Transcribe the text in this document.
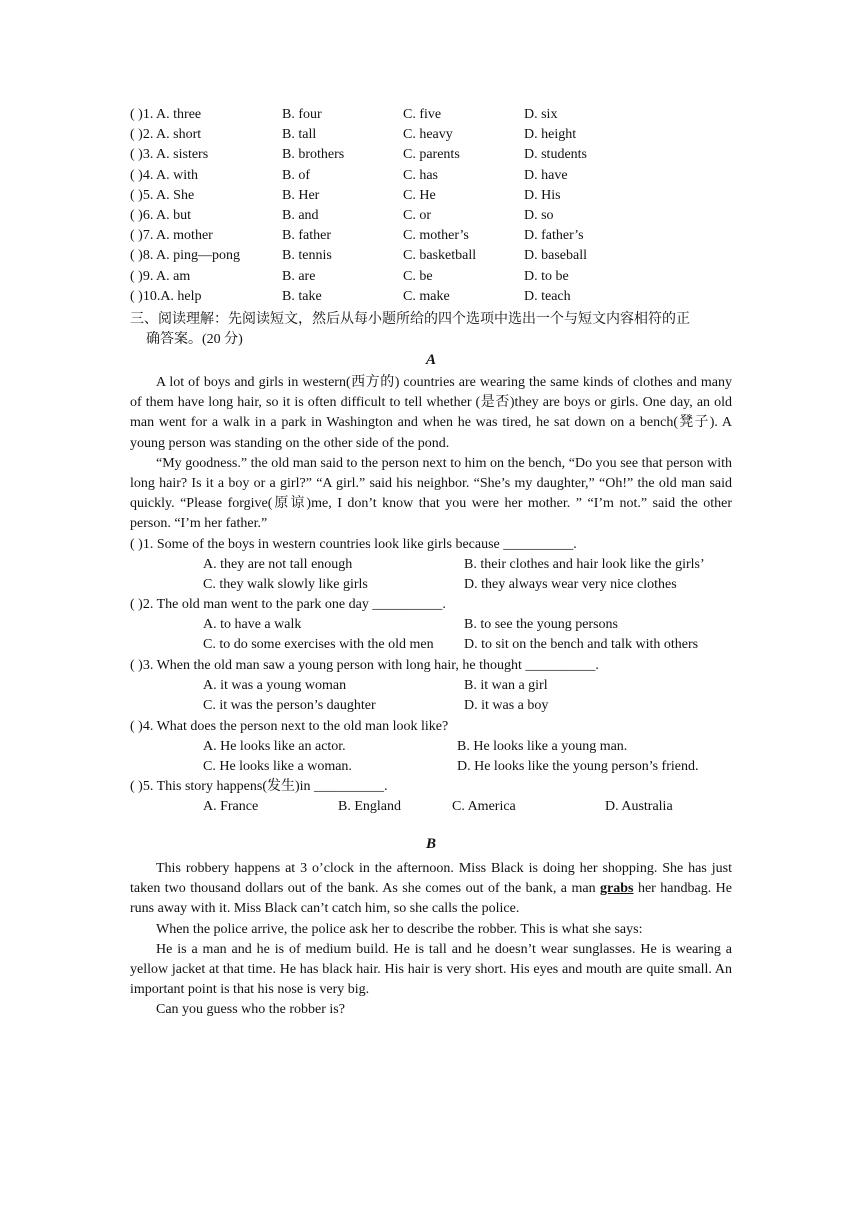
( )1. A. three	B. four	C. five	D. six
( )2. A. short	B. tall	C. heavy	D. height
( )3. A. sisters	B. brothers	C. parents	D. students
( )4. A. with	B. of	C. has	D. have
( )5. A. She	B. Her	C. He	D. His
( )6. A. but	B. and	C. or	D. so
( )7. A. mother	B. father	C. mother’s	D. father’s
( )8. A. ping—pong	B. tennis	C. basketball	D. baseball
( )9. A. am	B. are	C. be	D. to be
( )10.A. help	B. take	C. make	D. teach
三、阅读理解：先阅读短文，然后从每小题所给的四个选项中选出一个与短文内容相符的正
确答案。(20 分)
A

A lot of boys and girls in western(西方的) countries are wearing the same kinds of clothes and many of them have long hair, so it is often difficult to tell whether (是否)they are boys or girls. One day, an old man went for a walk in a park in Washington and when he was tired, he sat down on a bench(凳子). A young person was standing on the other side of the pond.

“My goodness.” the old man said to the person next to him on the bench, “Do you see that person with long hair? Is it a boy or a girl?” “A girl.” said his neighbor. “She’s my daughter,” “Oh!” the old man said quickly. “Please forgive(原谅)me, I don’t know that you were her mother. ” “I’m not.” said the other person. “I’m her father.”

( )1. Some of the boys in western countries look like girls because __________.
A. they are not tall enough	B. their clothes and hair look like the girls’
C. they walk slowly like girls	D. they always wear very nice clothes
( )2. The old man went to the park one day __________.
A. to have a walk	B. to see the young persons
C. to do some exercises with the old men D. to sit on the bench and talk with others
( )3. When the old man saw a young person with long hair, he thought __________.
A. it was a young woman	B. it wan a girl
C. it was the person’s daughter	D. it was a boy
( )4. What does the person next to the old man look like?
A. He looks like an actor.	B. He looks like a young man.
C. He looks like a woman.	D. He looks like the young person’s friend.
( )5. This story happens(发生)in __________.
A. France	B. England	C. America	D. Australia
B

This robbery happens at 3 o’clock in the afternoon. Miss Black is doing her shopping. She has just taken two thousand dollars out of the bank. As she comes out of the bank, a man grabs her handbag. He runs away with it. Miss Black can’t catch him, so she calls the police.

When the police arrive, the police ask her to describe the robber. This is what she says:

He is a man and he is of medium build. He is tall and he doesn’t wear sunglasses. He is wearing a yellow jacket at that time. He has black hair. His hair is very short. His eyes and mouth are quite small. An important point is that his nose is very big.

Can you guess who the robber is?
